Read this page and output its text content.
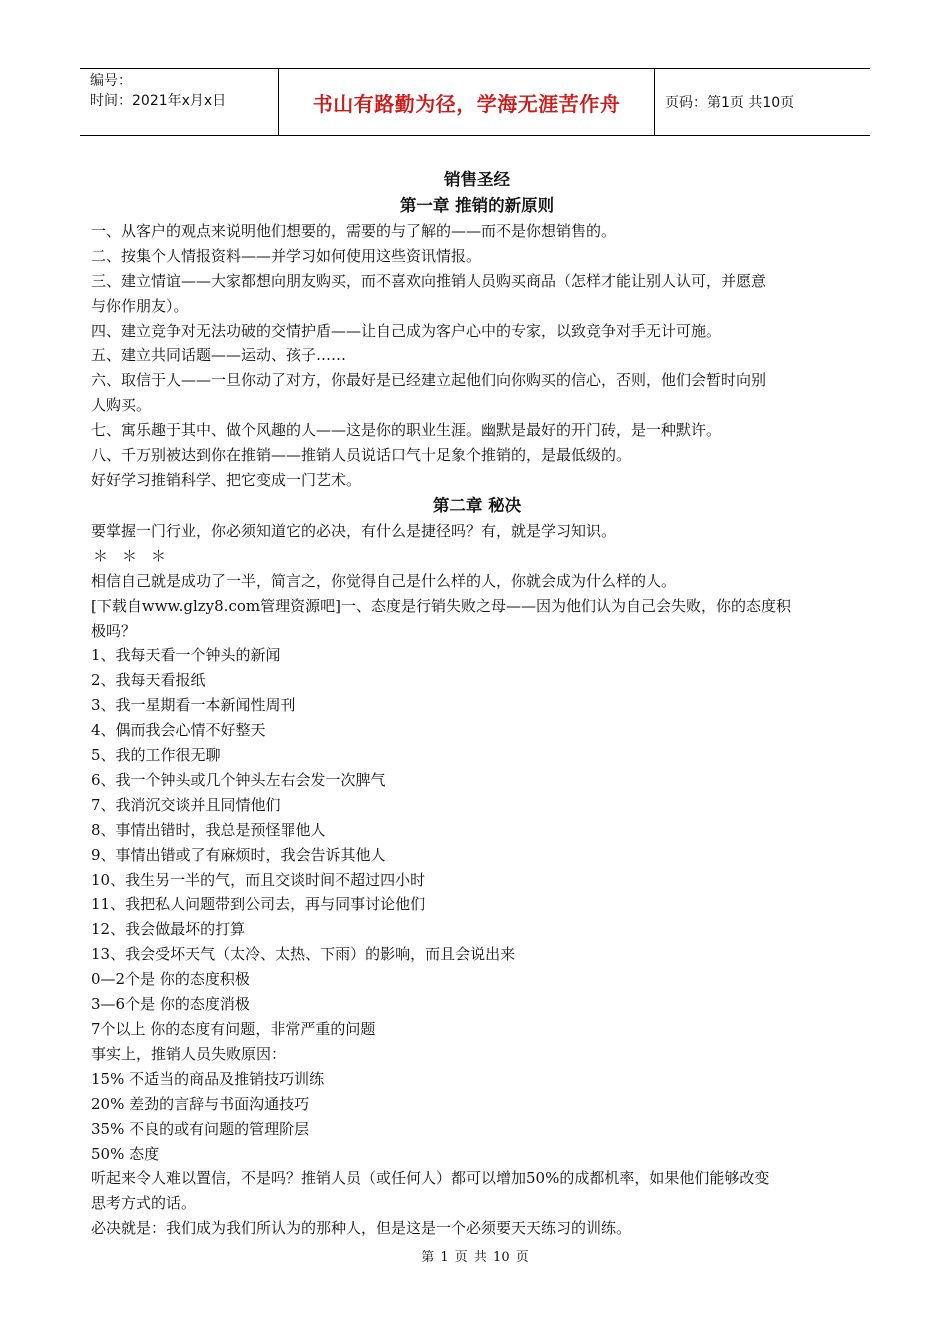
编号：
时间：2021年x月x日	书山有路勤为径，学海无涯苦作舟	页码：第1页 共10页

销售圣经

第一章 推销的新原则

一、从客户的观点来说明他们想要的，需要的与了解的——而不是你想销售的。

二、按集个人情报资料——并学习如何使用这些资讯情报。

三、建立情谊——大家都想向朋友购买，而不喜欢向推销人员购买商品（怎样才能让别人认可，并愿意

与你作朋友）。

四、建立竞争对无法功破的交情护盾——让自己成为客户心中的专家，以致竞争对手无计可施。

五、建立共同话题——运动、孩子……

六、取信于人——一旦你动了对方，你最好是已经建立起他们向你购买的信心，否则，他们会暂时向别

人购买。

七、寓乐趣于其中、做个风趣的人——这是你的职业生涯。幽默是最好的开门砖，是一种默许。

八、千万别被达到你在推销——推销人员说话口气十足象个推销的，是最低级的。

好好学习推销科学、把它变成一门艺术。

第二章 秘决

要掌握一门行业，你必须知道它的必决，有什么是捷径吗？有，就是学习知识。

＊＊＊

相信自己就是成功了一半，简言之，你觉得自己是什么样的人，你就会成为什么样的人。

[下载自www.glzy8.com管理资源吧]一、态度是行销失败之母——因为他们认为自己会失败，你的态度积

极吗？

1、我每天看一个钟头的新闻

2、我每天看报纸

3、我一星期看一本新闻性周刊

4、偶而我会心情不好整天

5、我的工作很无聊

6、我一个钟头或几个钟头左右会发一次脾气

7、我消沉交谈并且同情他们

8、事情出错时，我总是预怪罪他人

9、事情出错或了有麻烦时，我会告诉其他人

10、我生另一半的气，而且交谈时间不超过四小时

11、我把私人问题带到公司去，再与同事讨论他们

12、我会做最坏的打算

13、我会受坏天气（太冷、太热、下雨）的影响，而且会说出来

0—2个是 你的态度积极

3—6个是 你的态度消极

7个以上 你的态度有问题，非常严重的问题

事实上，推销人员失败原因：

15% 不适当的商品及推销技巧训练

20% 差劲的言辞与书面沟通技巧

35% 不良的或有问题的管理阶层

50% 态度

听起来令人难以置信，不是吗？推销人员（或任何人）都可以增加50%的成都机率，如果他们能够改变

思考方式的话。

必决就是：我们成为我们所认为的那种人，但是这是一个必须要天天练习的训练。

第 1 页 共 10 页
